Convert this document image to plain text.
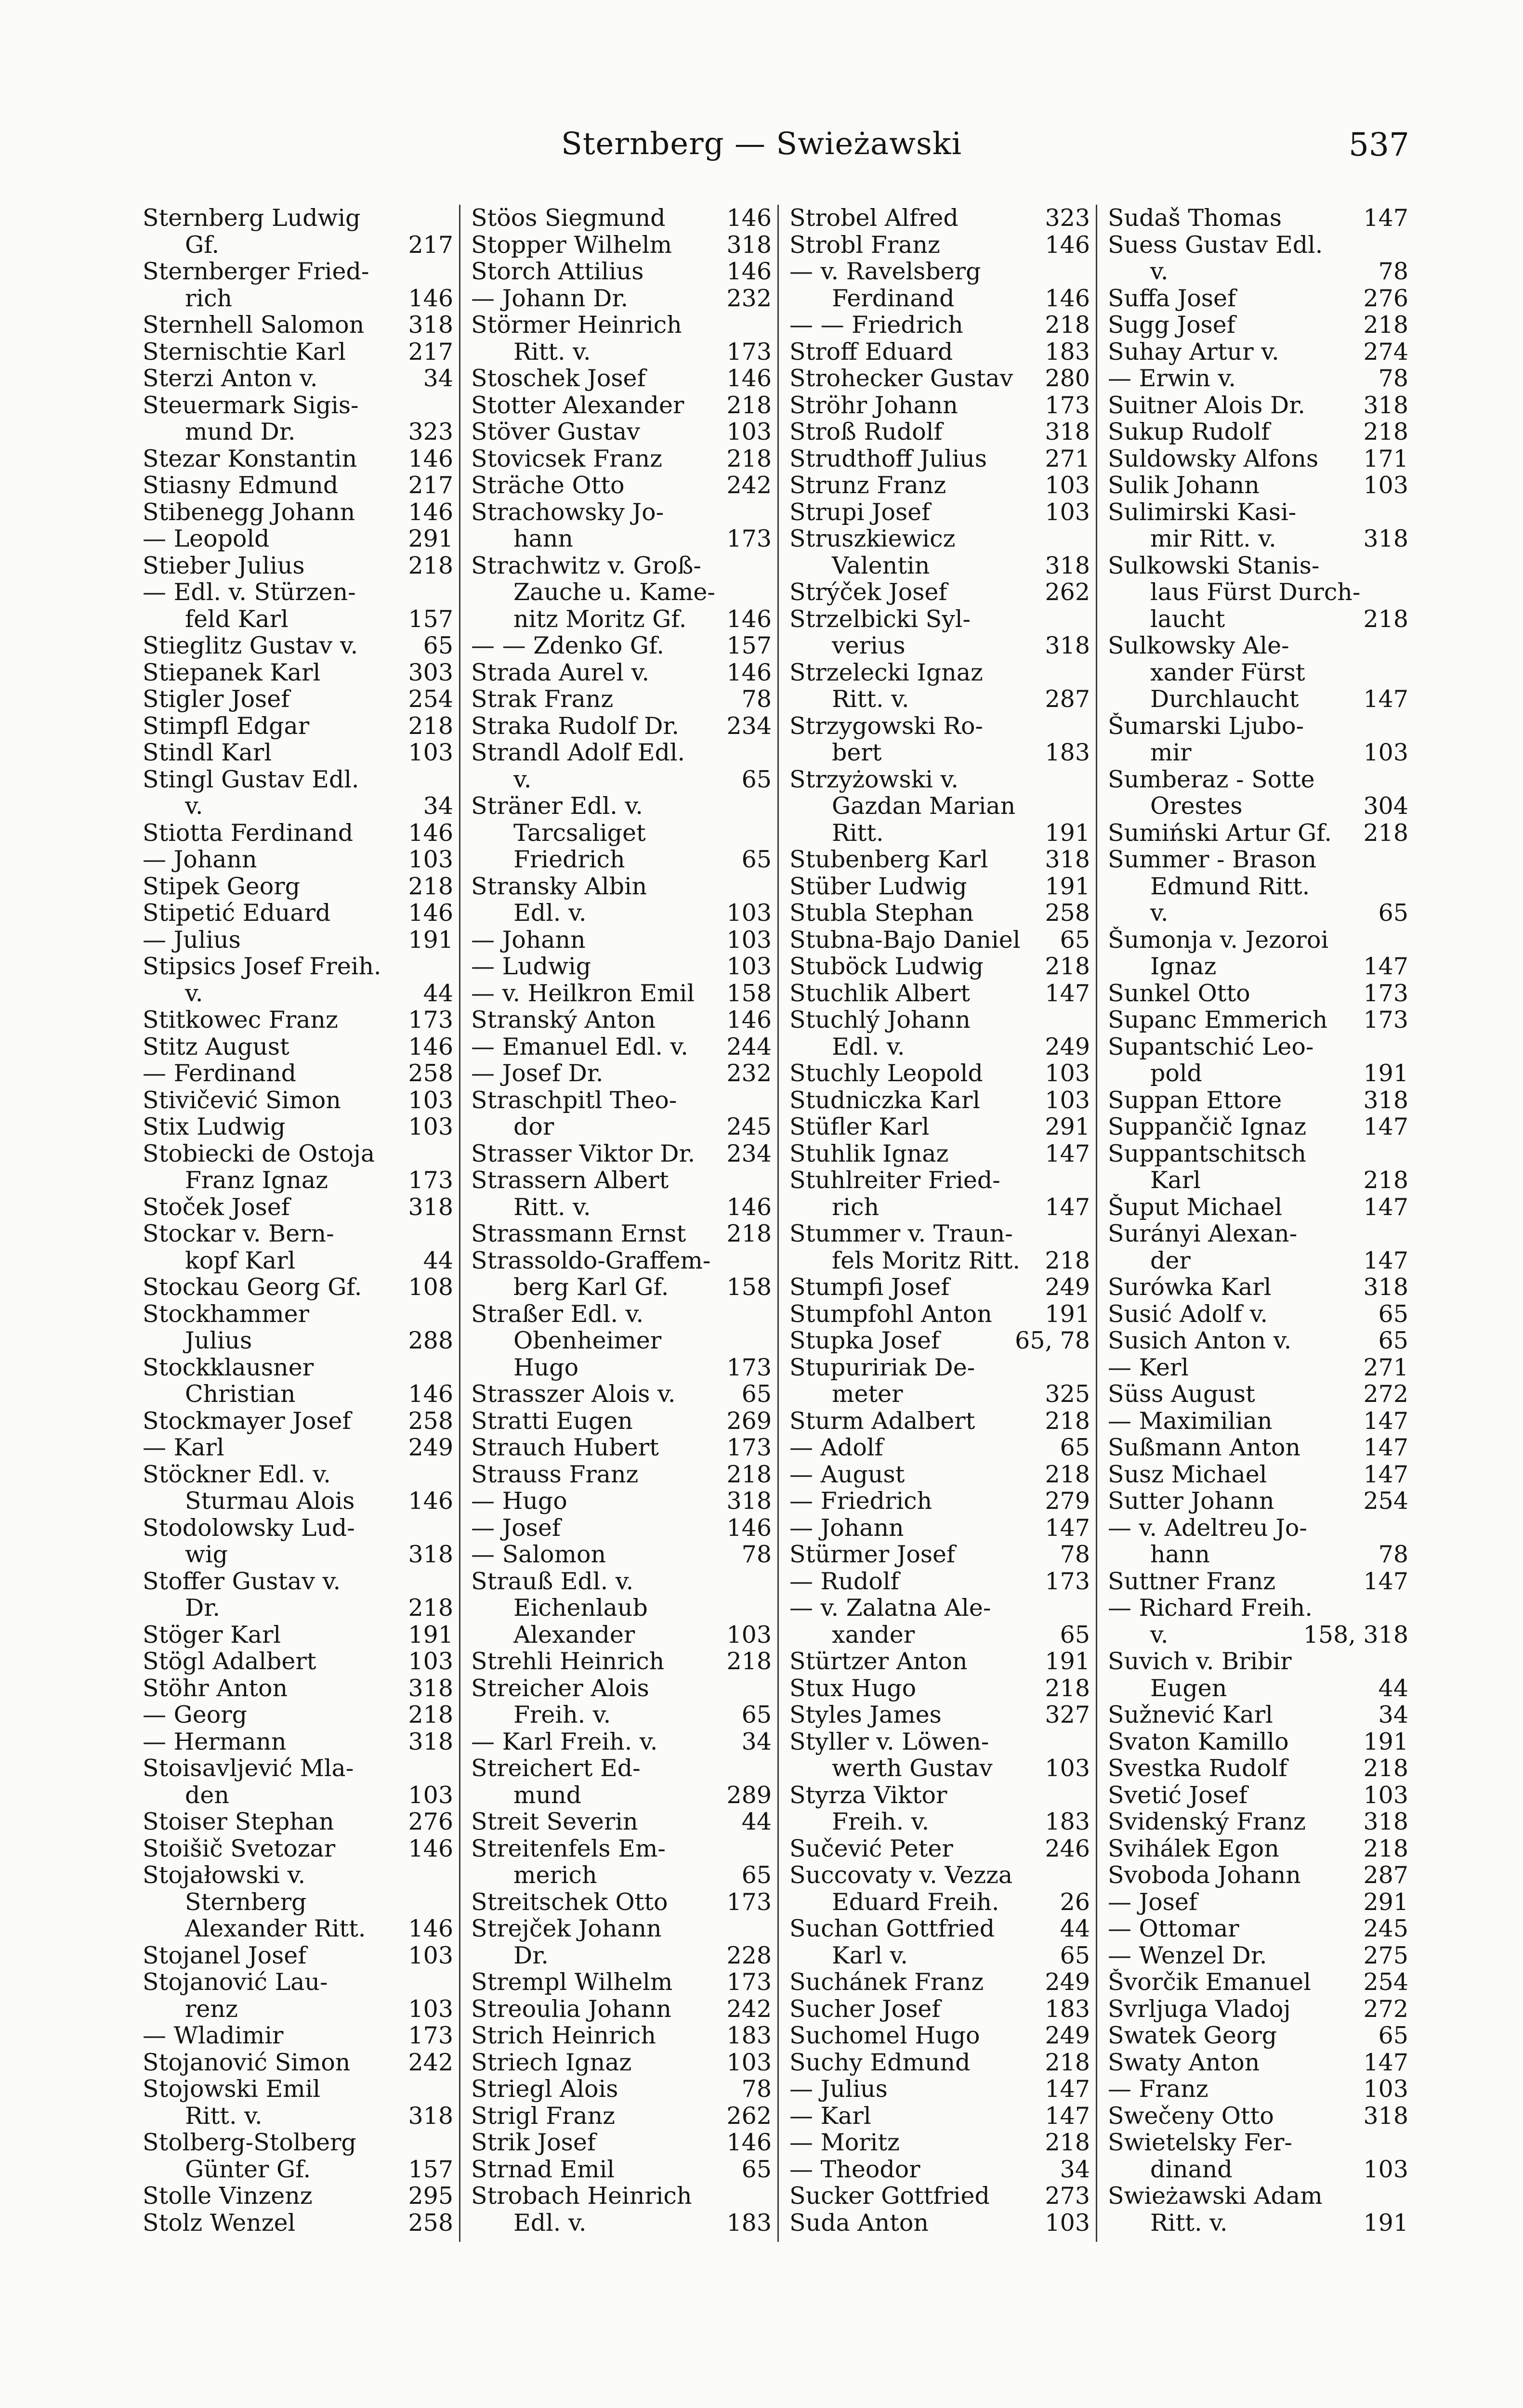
Sternberg — Swieżawski	537
Sternberg Ludwig
Gf.	217
Sternberger Fried-
rich	146
Sternhell Salomon	318
Sternischtie Karl	217
Sterzi Anton v.	34
Steuermark Sigis-
mund Dr.	323
Stezar Konstantin	146
Stiasny Edmund	217
Stibenegg Johann	146
— Leopold	291
Stieber Julius	218
— Edl. v. Stürzen-
feld Karl	157
Stieglitz Gustav v.	65
Stiepanek Karl	303
Stigler Josef	254
Stimpfl Edgar	218
Stindl Karl	103
Stingl Gustav Edl.
v.	34
Stiotta Ferdinand	146
— Johann	103
Stipek Georg	218
Stipetić Eduard	146
— Julius	191
Stipsics Josef Freih.
v.	44
Stitkowec Franz	173
Stitz August	146
— Ferdinand	258
Stivičević Simon	103
Stix Ludwig	103
Stobiecki de Ostoja
Franz Ignaz	173
Stoček Josef	318
Stockar v. Bern-
kopf Karl	44
Stockau Georg Gf.	108
Stockhammer
Julius	288
Stockklausner
Christian	146
Stockmayer Josef	258
— Karl	249
Stöckner Edl. v.
Sturmau Alois	146
Stodolowsky Lud-
wig	318
Stoffer Gustav v.
Dr.	218
Stöger Karl	191
Stögl Adalbert	103
Stöhr Anton	318
— Georg	218
— Hermann	318
Stoisavljević Mla-
den	103
Stoiser Stephan	276
Stoišič Svetozar	146
Stojałowski v.
Sternberg
Alexander Ritt.	146
Stojanel Josef	103
Stojanović Lau-
renz	103
— Wladimir	173
Stojanović Simon	242
Stojowski Emil
Ritt. v.	318
Stolberg-Stolberg
Günter Gf.	157
Stolle Vinzenz	295
Stolz Wenzel	258
Stöos Siegmund	146
Stopper Wilhelm	318
Storch Attilius	146
— Johann Dr.	232
Störmer Heinrich
Ritt. v.	173
Stoschek Josef	146
Stotter Alexander	218
Stöver Gustav	103
Stovicsek Franz	218
Sträche Otto	242
Strachowsky Jo-
hann	173
Strachwitz v. Groß-
Zauche u. Kame-
nitz Moritz Gf.	146
— — Zdenko Gf.	157
Strada Aurel v.	146
Strak Franz	78
Straka Rudolf Dr.	234
Strandl Adolf Edl.
v.	65
Sträner Edl. v.
Tarcsaliget
Friedrich	65
Stransky Albin
Edl. v.	103
— Johann	103
— Ludwig	103
— v. Heilkron Emil	158
Stranský Anton	146
— Emanuel Edl. v.	244
— Josef Dr.	232
Straschpitl Theo-
dor	245
Strasser Viktor Dr.	234
Strassern Albert
Ritt. v.	146
Strassmann Ernst	218
Strassoldo-Graffem-
berg Karl Gf.	158
Straßer Edl. v.
Obenheimer
Hugo	173
Strasszer Alois v.	65
Stratti Eugen	269
Strauch Hubert	173
Strauss Franz	218
— Hugo	318
— Josef	146
— Salomon	78
Strauß Edl. v.
Eichenlaub
Alexander	103
Strehli Heinrich	218
Streicher Alois
Freih. v.	65
— Karl Freih. v.	34
Streichert Ed-
mund	289
Streit Severin	44
Streitenfels Em-
merich	65
Streitschek Otto	173
Strejček Johann
Dr.	228
Strempl Wilhelm	173
Streoulia Johann	242
Strich Heinrich	183
Striech Ignaz	103
Striegl Alois	78
Strigl Franz	262
Strik Josef	146
Strnad Emil	65
Strobach Heinrich
Edl. v.	183
Strobel Alfred	323
Strobl Franz	146
— v. Ravelsberg
Ferdinand	146
— — Friedrich	218
Stroff Eduard	183
Strohecker Gustav	280
Ströhr Johann	173
Stroß Rudolf	318
Strudthoff Julius	271
Strunz Franz	103
Strupi Josef	103
Struszkiewicz
Valentin	318
Strýček Josef	262
Strzelbicki Syl-
verius	318
Strzelecki Ignaz
Ritt. v.	287
Strzygowski Ro-
bert	183
Strzyżowski v.
Gazdan Marian
Ritt.	191
Stubenberg Karl	318
Stüber Ludwig	191
Stubla Stephan	258
Stubna-Bajo Daniel	65
Stuböck Ludwig	218
Stuchlik Albert	147
Stuchlý Johann
Edl. v.	249
Stuchly Leopold	103
Studniczka Karl	103
Stüfler Karl	291
Stuhlik Ignaz	147
Stuhlreiter Fried-
rich	147
Stummer v. Traun-
fels Moritz Ritt.	218
Stumpfi Josef	249
Stumpfohl Anton	191
Stupka Josef	65, 78
Stupuririak De-
meter	325
Sturm Adalbert	218
— Adolf	65
— August	218
— Friedrich	279
— Johann	147
Stürmer Josef	78
— Rudolf	173
— v. Zalatna Ale-
xander	65
Stürtzer Anton	191
Stux Hugo	218
Styles James	327
Styller v. Löwen-
werth Gustav	103
Styrza Viktor
Freih. v.	183
Sučević Peter	246
Succovaty v. Vezza
Eduard Freih.	26
Suchan Gottfried	44
Karl v.	65
Suchánek Franz	249
Sucher Josef	183
Suchomel Hugo	249
Suchy Edmund	218
— Julius	147
— Karl	147
— Moritz	218
— Theodor	34
Sucker Gottfried	273
Suda Anton	103
Sudaš Thomas	147
Suess Gustav Edl.
v.	78
Suffa Josef	276
Sugg Josef	218
Suhay Artur v.	274
— Erwin v.	78
Suitner Alois Dr.	318
Sukup Rudolf	218
Suldowsky Alfons	171
Sulik Johann	103
Sulimirski Kasi-
mir Ritt. v.	318
Sulkowski Stanis-
laus Fürst Durch-
laucht	218
Sulkowsky Ale-
xander Fürst
Durchlaucht	147
Šumarski Ljubo-
mir	103
Sumberaz - Sotte
Orestes	304
Sumiński Artur Gf.	218
Summer - Brason
Edmund Ritt.
v.	65
Šumonja v. Jezoroi
Ignaz	147
Sunkel Otto	173
Supanc Emmerich	173
Supantschić Leo-
pold	191
Suppan Ettore	318
Suppančič Ignaz	147
Suppantschitsch
Karl	218
Šuput Michael	147
Surányi Alexan-
der	147
Surówka Karl	318
Susić Adolf v.	65
Susich Anton v.	65
— Kerl	271
Süss August	272
— Maximilian	147
Sußmann Anton	147
Susz Michael	147
Sutter Johann	254
— v. Adeltreu Jo-
hann	78
Suttner Franz	147
— Richard Freih.
v.	158, 318
Suvich v. Bribir
Eugen	44
Sužnević Karl	34
Svaton Kamillo	191
Svestka Rudolf	218
Svetić Josef	103
Svidenský Franz	318
Svihálek Egon	218
Svoboda Johann	287
— Josef	291
— Ottomar	245
— Wenzel Dr.	275
Švorčik Emanuel	254
Svrljuga Vladoj	272
Swatek Georg	65
Swaty Anton	147
— Franz	103
Swečeny Otto	318
Swietelsky Fer-
dinand	103
Swieżawski Adam
Ritt. v.	191
